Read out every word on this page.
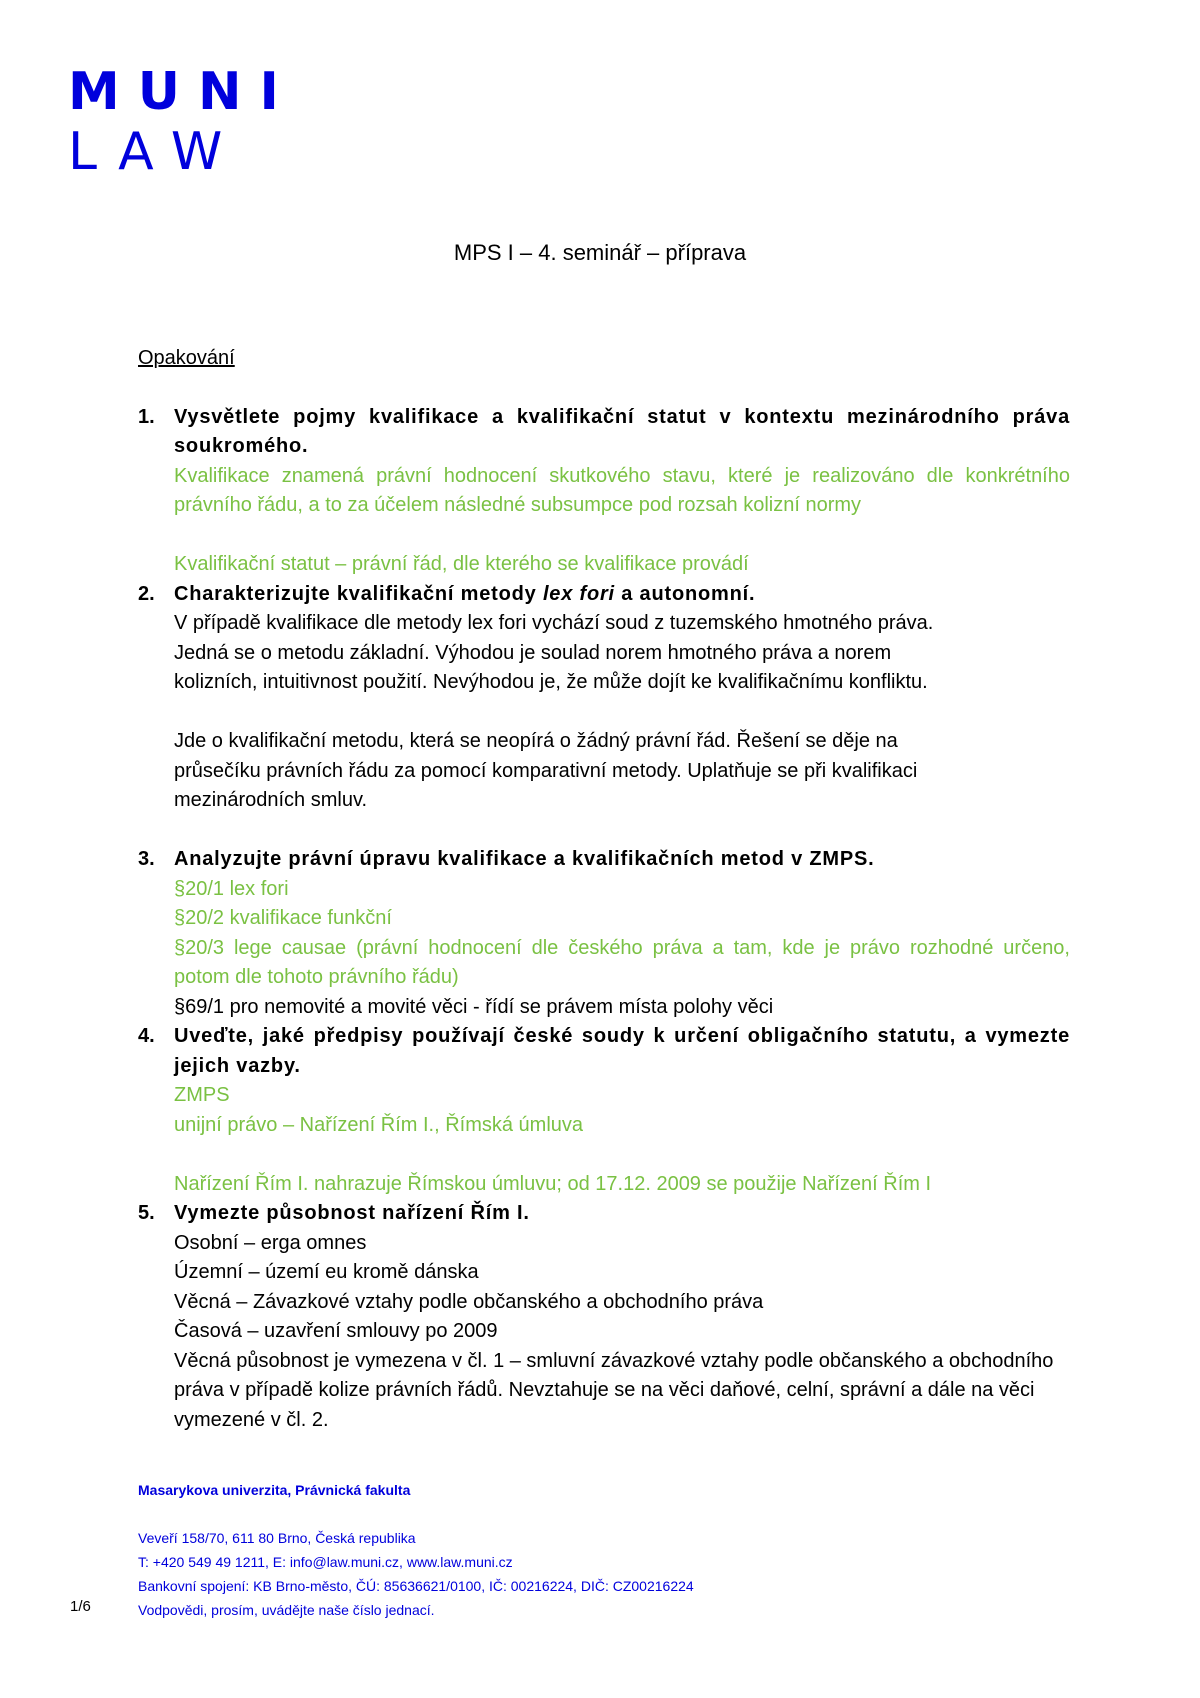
MUNI
LAW
MPS I – 4. seminář – příprava
Opakování
1. Vysvětlete pojmy kvalifikace a kvalifikační statut v kontextu mezinárodního práva soukromého.
Kvalifikace znamená právní hodnocení skutkového stavu, které je realizováno dle konkrétního právního řádu, a to za účelem následné subsumpce pod rozsah kolizní normy
Kvalifikační statut – právní řád, dle kterého se kvalifikace provádí
2. Charakterizujte kvalifikační metody lex fori a autonomní.
V případě kvalifikace dle metody lex fori vychází soud z tuzemského hmotného práva. Jedná se o metodu základní. Výhodou je soulad norem hmotného práva a norem kolizních, intuitivnost použití. Nevýhodou je, že může dojít ke kvalifikačnímu konfliktu.
Jde o kvalifikační metodu, která se neopírá o žádný právní řád. Řešení se děje na průsečíku právních řádu za pomocí komparativní metody. Uplatňuje se při kvalifikaci mezinárodních smluv.
3. Analyzujte právní úpravu kvalifikace a kvalifikačních metod v ZMPS.
§20/1 lex fori
§20/2 kvalifikace funkční
§20/3 lege causae (právní hodnocení dle českého práva a tam, kde je právo rozhodné určeno, potom dle tohoto právního řádu)
§69/1 pro nemovité a movité věci - řídí se právem místa polohy věci
4. Uveďte, jaké předpisy používají české soudy k určení obligačního statutu, a vymezte jejich vazby.
ZMPS
unijní právo – Nařízení Řím I., Římská úmluva
Nařízení Řím I. nahrazuje Římskou úmluvu; od 17.12. 2009 se použije Nařízení Řím I
5. Vymezte působnost nařízení Řím I.
Osobní – erga omnes
Územní – území eu kromě dánska
Věcná – Závazkové vztahy podle občanského a obchodního práva
Časová – uzavření smlouvy po 2009
Věcná působnost je vymezena v čl. 1 – smluvní závazkové vztahy podle občanského a obchodního práva v případě kolize právních řádů. Nevztahuje se na věci daňové, celní, správní a dále na věci vymezené v čl. 2.
Masarykova univerzita, Právnická fakulta
Veveří 158/70, 611 80 Brno, Česká republika
T: +420 549 49 1211, E: info@law.muni.cz, www.law.muni.cz
Bankovní spojení: KB Brno-město, ČÚ: 85636621/0100, IČ: 00216224, DIČ: CZ00216224
Vodpovědi, prosím, uvádějte naše číslo jednací.
1/6
